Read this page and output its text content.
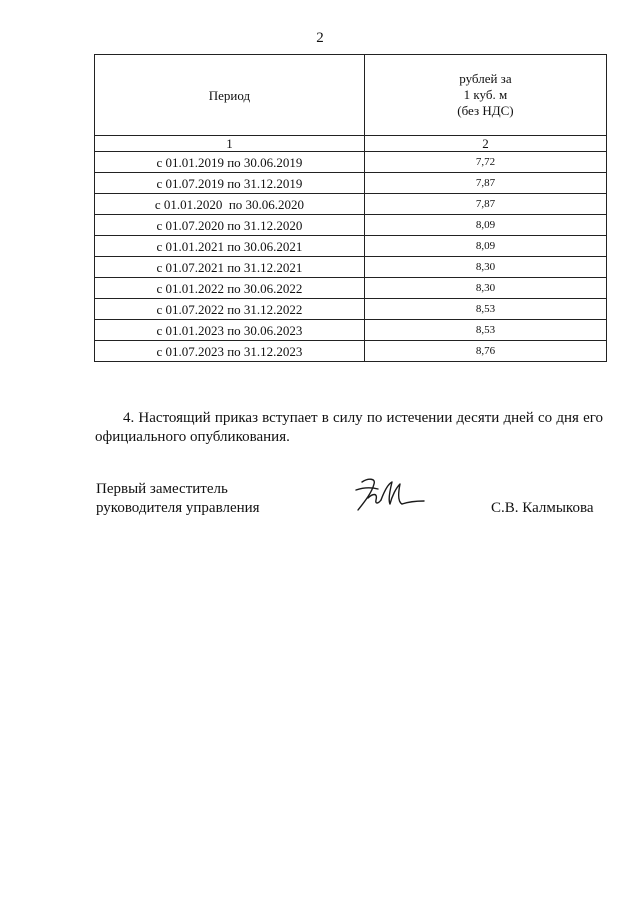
2
Период	рублей за
1 куб. м
(без НДС)

1	2
с 01.01.2019 по 30.06.2019	7,72
с 01.07.2019 по 31.12.2019	7,87
с 01.01.2020  по 30.06.2020	7,87
с 01.07.2020 по 31.12.2020	8,09
с 01.01.2021 по 30.06.2021	8,09
с 01.07.2021 по 31.12.2021	8,30
с 01.01.2022 по 30.06.2022	8,30
с 01.07.2022 по 31.12.2022	8,53
с 01.01.2023 по 30.06.2023	8,53
с 01.07.2023 по 31.12.2023	8,76

4. Настоящий приказ вступает в силу по истечении десяти дней со дня его официального опубликования.

Первый заместитель
руководителя управления	С.В. Калмыкова
